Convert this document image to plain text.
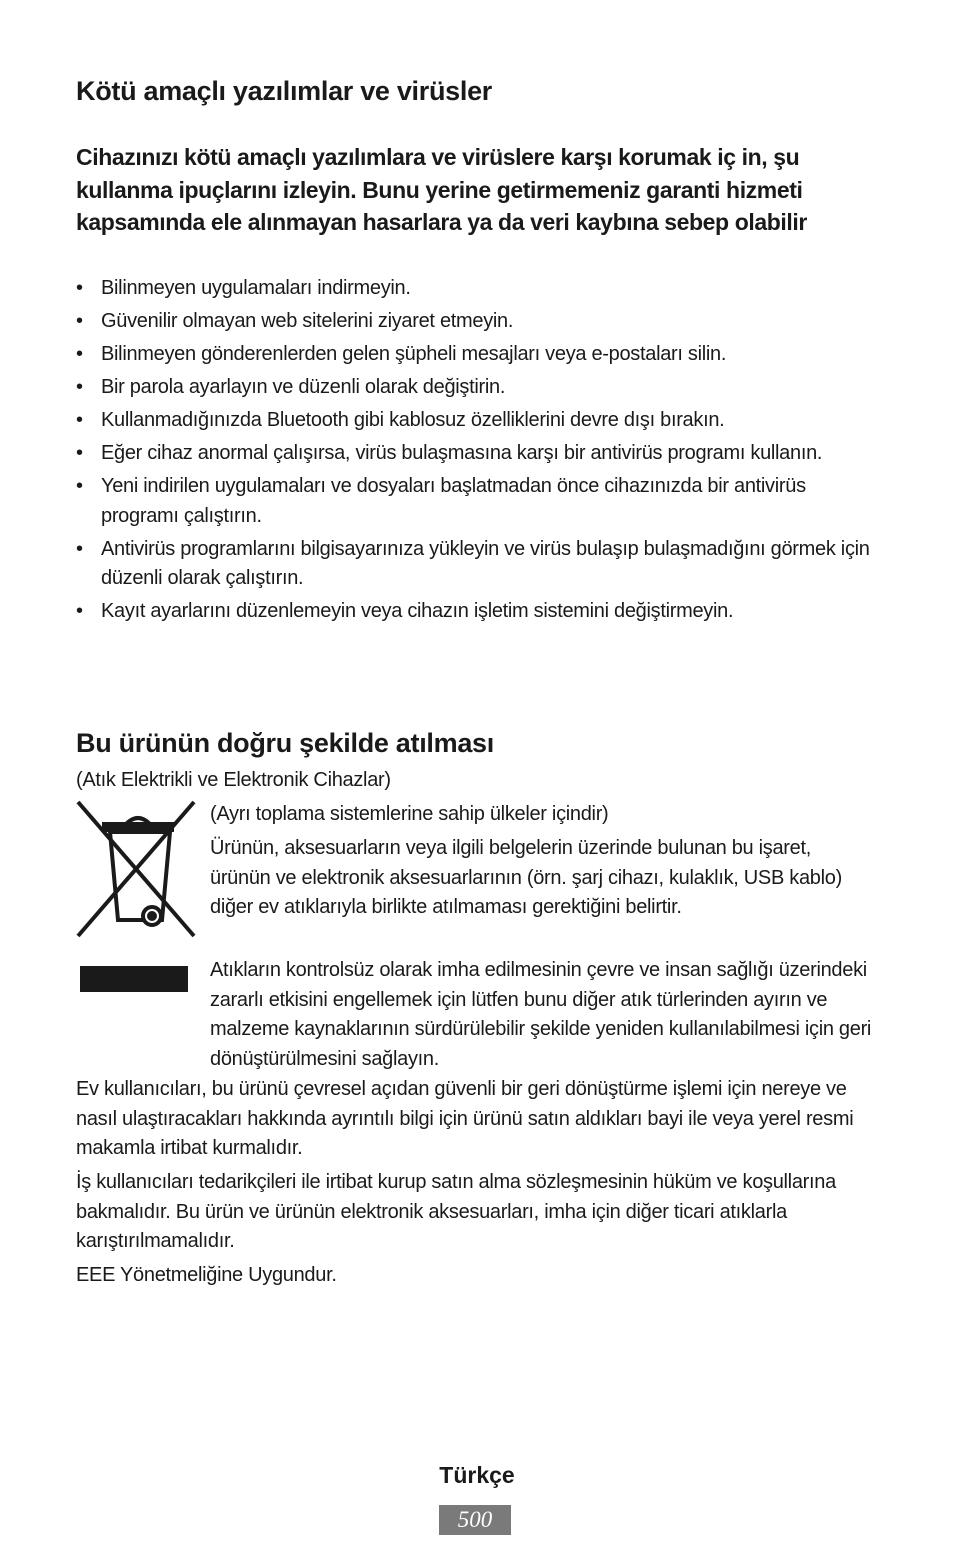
Kötü amaçlı yazılımlar ve virüsler

Cihazınızı kötü amaçlı yazılımlara ve virüslere karşı korumak iç in, şu kullanma ipuçlarını izleyin. Bunu yerine getirmemeniz garanti hizmeti kapsamında ele alınmayan hasarlara ya da veri kaybına sebep olabilir

• Bilinmeyen uygulamaları indirmeyin.
• Güvenilir olmayan web sitelerini ziyaret etmeyin.
• Bilinmeyen gönderenlerden gelen şüpheli mesajları veya e-postaları silin.
• Bir parola ayarlayın ve düzenli olarak değiştirin.
• Kullanmadığınızda Bluetooth gibi kablosuz özelliklerini devre dışı bırakın.
• Eğer cihaz anormal çalışırsa, virüs bulaşmasına karşı bir antivirüs programı kullanın.
• Yeni indirilen uygulamaları ve dosyaları başlatmadan önce cihazınızda bir antivirüs programı çalıştırın.
• Antivirüs programlarını bilgisayarınıza yükleyin ve virüs bulaşıp bulaşmadığını görmek için düzenli olarak çalıştırın.
• Kayıt ayarlarını düzenlemeyin veya cihazın işletim sistemini değiştirmeyin.
Bu ürünün doğru şekilde atılması

(Atık Elektrikli ve Elektronik Cihazlar)

(Ayrı toplama sistemlerine sahip ülkeler içindir)

Ürünün, aksesuarların veya ilgili belgelerin üzerinde bulunan bu işaret, ürünün ve elektronik aksesuarlarının (örn. şarj cihazı, kulaklık, USB kablo) diğer ev atıklarıyla birlikte atılmaması gerektiğini belirtir.

Atıkların kontrolsüz olarak imha edilmesinin çevre ve insan sağlığı üzerindeki zararlı etkisini engellemek için lütfen bunu diğer atık türlerinden ayırın ve malzeme kaynaklarının sürdürülebilir şekilde yeniden kullanılabilmesi için geri dönüştürülmesini sağlayın.

Ev kullanıcıları, bu ürünü çevresel açıdan güvenli bir geri dönüştürme işlemi için nereye ve nasıl ulaştıracakları hakkında ayrıntılı bilgi için ürünü satın aldıkları bayi ile veya yerel resmi makamla irtibat kurmalıdır.

İş kullanıcıları tedarikçileri ile irtibat kurup satın alma sözleşmesinin hüküm ve koşullarına bakmalıdır. Bu ürün ve ürünün elektronik aksesuarları, imha için diğer ticari atıklarla karıştırılmamalıdır.

EEE Yönetmeliğine Uygundur.

Türkçe
500
